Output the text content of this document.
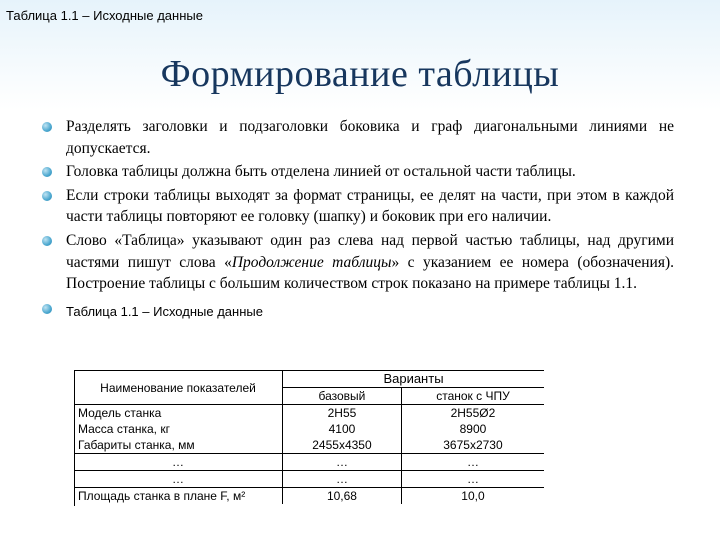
Таблица 1.1 – Исходные данные
Формирование таблицы
Разделять заголовки и подзаголовки боковика и граф диагональными линиями не допускается.
Головка таблицы должна быть отделена линией от остальной части таблицы.
Если строки таблицы выходят за формат страницы, ее делят на части, при этом в каждой части таблицы повторяют ее головку (шапку) и боковик при его наличии.
Слово «Таблица» указывают один раз слева над первой частью таблицы, над другими частями пишут слова «Продолжение таблицы» с указанием ее номера (обозначения). Построение таблицы с большим количеством строк показано на примере таблицы 1.1.
Таблица 1.1 – Исходные данные
Наименование показателей	Варианты	
	базовый	станок с ЧПУ
Модель станка	2Н55	2Н55Ø2
Масса станка, кг	4100	8900
Габариты станка, мм	2455х4350	3675х2730
…	…	…
…	…	…
Площадь станка в плане F, м²	10,68	10,0
